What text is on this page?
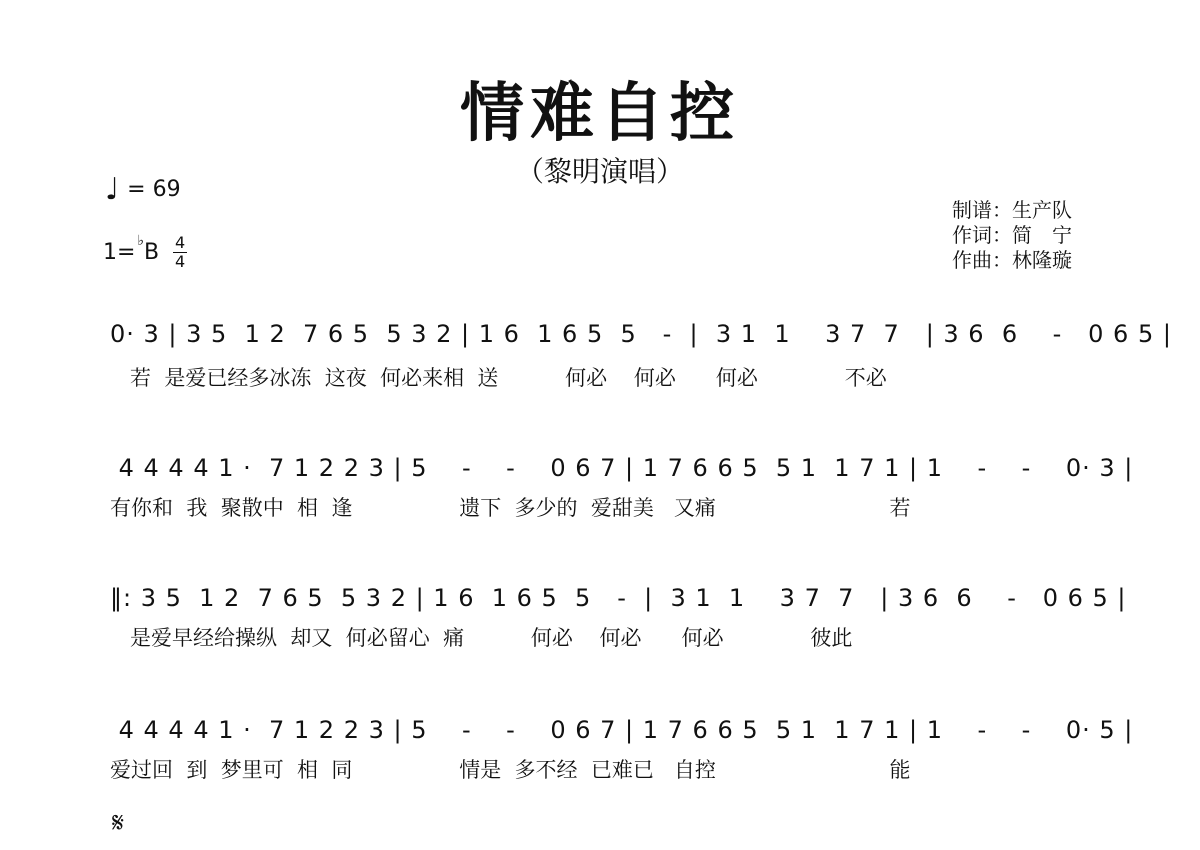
情难自控
（黎明演唱）
♩ = 69
1= ♭ B 4
4
制谱：生产队
作词：简　宁
作曲：林隆璇
0· 3 | 3 5  1 2  7 6 5  5 3 2 | 1 6  1 6 5  5   -  |  3 1  1    3 7  7   | 3 6  6    -   0 6 5 |
若  是爱已经多冰冻  这夜  何必来相  送          何必    何必      何必             不必
4 4 4 4 1 ·  7 1 2 2 3 | 5    -    -    0 6 7 | 1 7 6 6 5  5 1  1 7 1 | 1    -    -    0· 3 |
有你和  我  聚散中  相  逢                遗下  多少的  爱甜美   又痛                          若
‖: 3 5  1 2  7 6 5  5 3 2 | 1 6  1 6 5  5   -  |  3 1  1    3 7  7   | 3 6  6    -   0 6 5 |
是爱早经给操纵  却又  何必留心  痛          何必    何必      何必             彼此
4 4 4 4 1 ·  7 1 2 2 3 | 5    -    -    0 6 7 | 1 7 6 6 5  5 1  1 7 1 | 1    -    -    0· 5 |
爱过回  到  梦里可  相  同                情是  多不经  已难已   自控                          能
𝄋
